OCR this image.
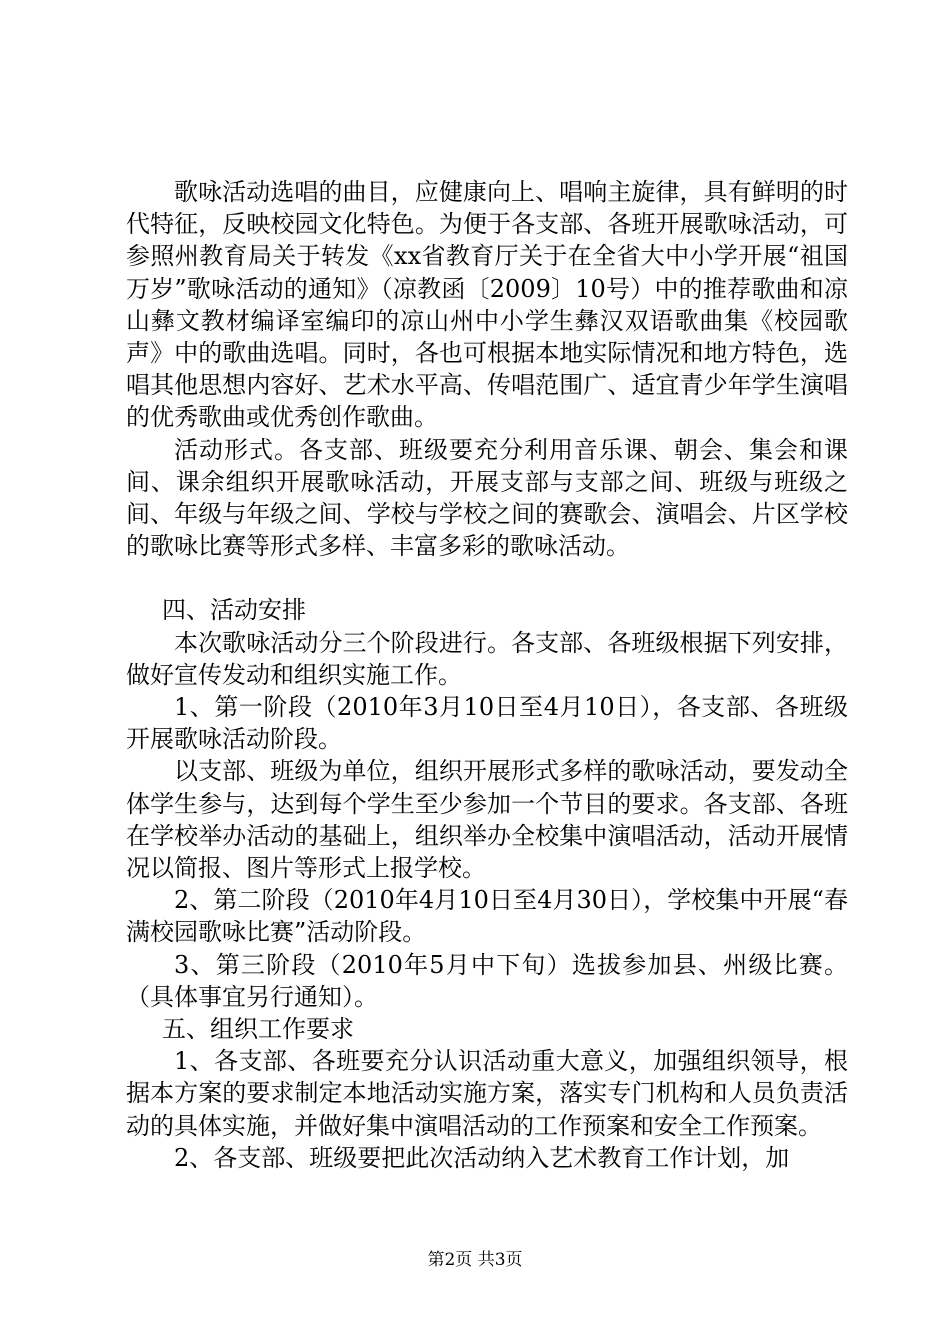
歌咏活动选唱的曲目，应健康向上、唱响主旋律，具有鲜明的时代特征，反映校园文化特色。为便于各支部、各班开展歌咏活动，可参照州教育局关于转发《xx省教育厅关于在全省大中小学开展“祖国万岁”歌咏活动的通知》（凉教函〔2009〕10号）中的推荐歌曲和凉山彝文教材编译室编印的凉山州中小学生彝汉双语歌曲集《校园歌声》中的歌曲选唱。同时，各也可根据本地实际情况和地方特色，选唱其他思想内容好、艺术水平高、传唱范围广、适宜青少年学生演唱的优秀歌曲或优秀创作歌曲。

活动形式。各支部、班级要充分利用音乐课、朝会、集会和课间、课余组织开展歌咏活动，开展支部与支部之间、班级与班级之间、年级与年级之间、学校与学校之间的赛歌会、演唱会、片区学校的歌咏比赛等形式多样、丰富多彩的歌咏活动。

四、活动安排

本次歌咏活动分三个阶段进行。各支部、各班级根据下列安排，做好宣传发动和组织实施工作。

1、第一阶段（2010年3月10日至4月10日），各支部、各班级开展歌咏活动阶段。

以支部、班级为单位，组织开展形式多样的歌咏活动，要发动全体学生参与，达到每个学生至少参加一个节目的要求。各支部、各班在学校举办活动的基础上，组织举办全校集中演唱活动，活动开展情况以简报、图片等形式上报学校。

2、第二阶段（2010年4月10日至4月30日），学校集中开展“春满校园歌咏比赛”活动阶段。

3、第三阶段（2010年5月中下旬）选拔参加县、州级比赛。（具体事宜另行通知）。

五、组织工作要求

1、各支部、各班要充分认识活动重大意义，加强组织领导，根据本方案的要求制定本地活动实施方案，落实专门机构和人员负责活动的具体实施，并做好集中演唱活动的工作预案和安全工作预案。

2、各支部、班级要把此次活动纳入艺术教育工作计划，加

第2页 共3页
